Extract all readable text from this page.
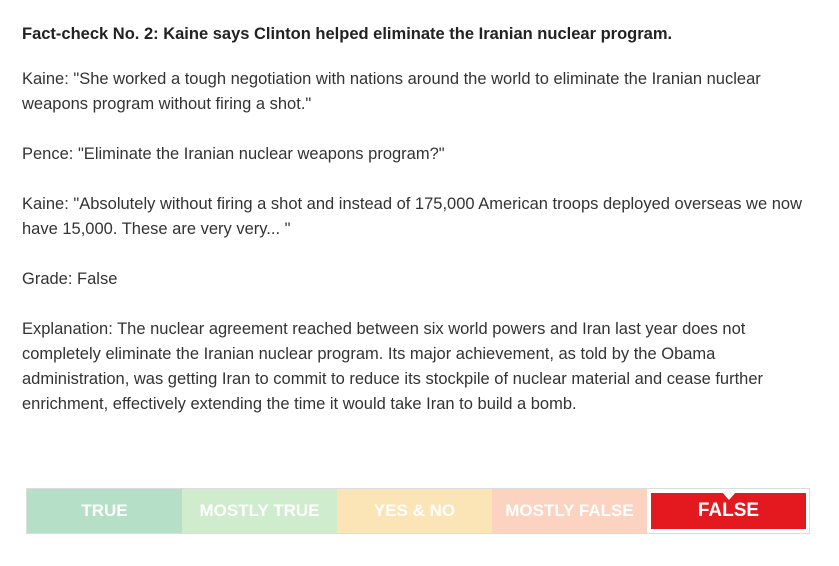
Fact-check No. 2: Kaine says Clinton helped eliminate the Iranian nuclear program.

Kaine: "She worked a tough negotiation with nations around the world to eliminate the Iranian nuclear weapons program without firing a shot."

Pence: "Eliminate the Iranian nuclear weapons program?"

Kaine: "Absolutely without firing a shot and instead of 175,000 American troops deployed overseas we now have 15,000. These are very very... "

Grade: False

Explanation: The nuclear agreement reached between six world powers and Iran last year does not completely eliminate the Iranian nuclear program. Its major achievement, as told by the Obama administration, was getting Iran to commit to reduce its stockpile of nuclear material and cease further enrichment, effectively extending the time it would take Iran to build a bomb.

TRUE	MOSTLY TRUE	YES & NO	MOSTLY FALSE	FALSE
